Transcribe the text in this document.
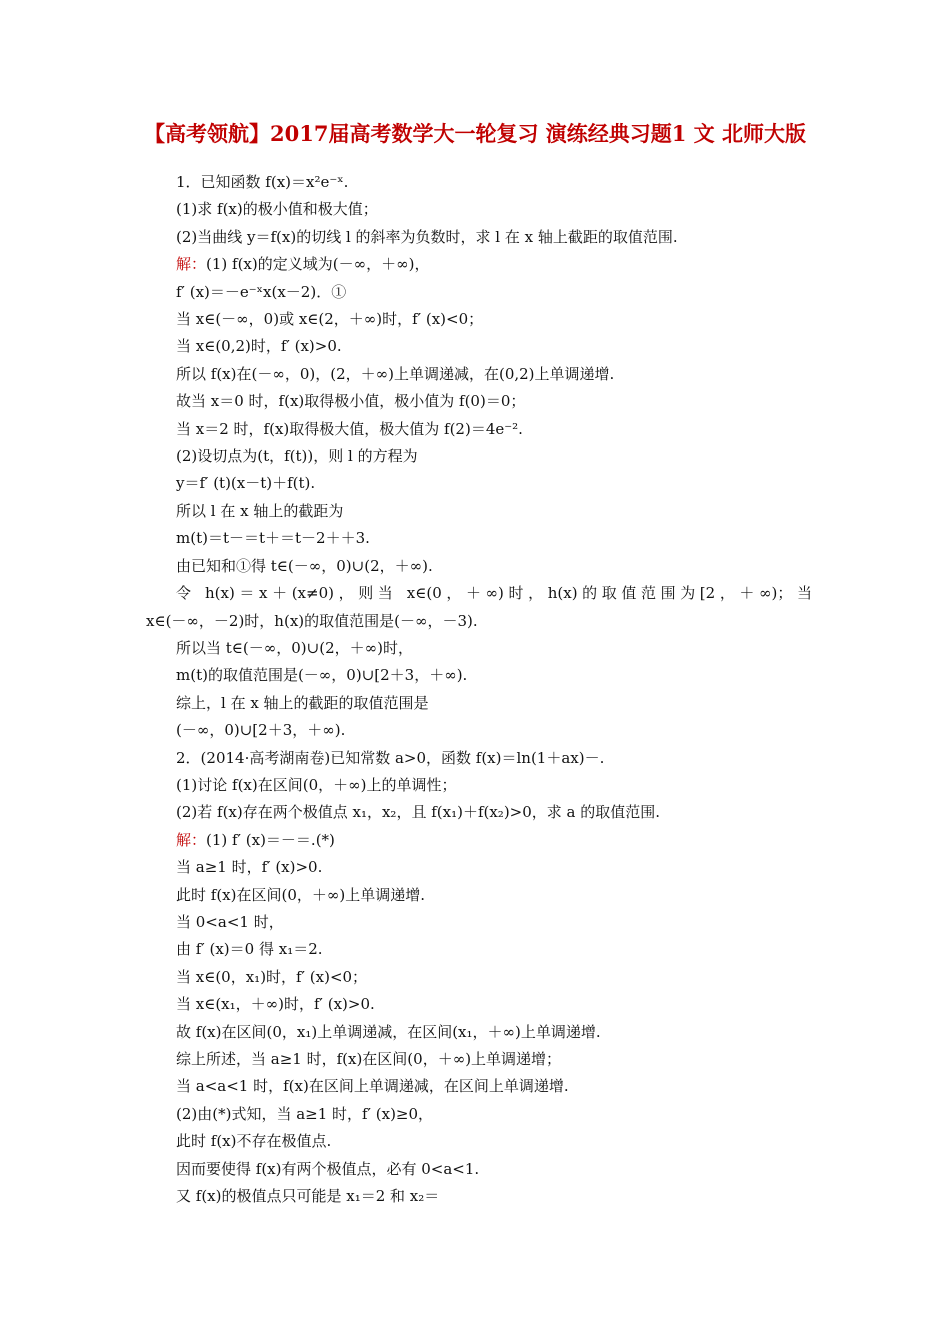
【高考领航】2017届高考数学大一轮复习 演练经典习题1 文 北师大版
1．已知函数 f(x)＝x²e⁻ˣ.
(1)求 f(x)的极小值和极大值；
(2)当曲线 y＝f(x)的切线 l 的斜率为负数时，求 l 在 x 轴上截距的取值范围.
解：(1) f(x)的定义域为(－∞，＋∞)，
f′ (x)＝－e⁻ˣx(x－2)．①
当 x∈(－∞，0)或 x∈(2，＋∞)时，f′ (x)<0；
当 x∈(0,2)时，f′ (x)>0.
所以 f(x)在(－∞，0)，(2，＋∞)上单调递减，在(0,2)上单调递增.
故当 x＝0 时，f(x)取得极小值，极小值为 f(0)＝0；
当 x＝2 时，f(x)取得极大值，极大值为 f(2)＝4e⁻².
(2)设切点为(t，f(t))，则 l 的方程为
y＝f′ (t)(x－t)＋f(t).
所以 l 在 x 轴上的截距为
m(t)＝t－＝t＋＝t－2＋＋3.
由已知和①得 t∈(－∞，0)∪(2，＋∞).
令 h(x)＝x＋(x≠0)，则当 x∈(0，＋∞)时，h(x)的取值范围为[2，＋∞)；当
x∈(－∞，－2)时，h(x)的取值范围是(－∞，－3).
所以当 t∈(－∞，0)∪(2，＋∞)时，
m(t)的取值范围是(－∞，0)∪[2＋3，＋∞).
综上，l 在 x 轴上的截距的取值范围是
(－∞，0)∪[2＋3，＋∞).
2．(2014·高考湖南卷)已知常数 a>0，函数 f(x)＝ln(1＋ax)－.
(1)讨论 f(x)在区间(0，＋∞)上的单调性；
(2)若 f(x)存在两个极值点 x₁，x₂，且 f(x₁)＋f(x₂)>0，求 a 的取值范围.
解：(1) f′ (x)＝－＝.(*)
当 a≥1 时，f′ (x)>0.
此时 f(x)在区间(0，＋∞)上单调递增.
当 0<a<1 时，
由 f′ (x)＝0 得 x₁＝2.
当 x∈(0，x₁)时，f′ (x)<0；
当 x∈(x₁，＋∞)时，f′ (x)>0.
故 f(x)在区间(0，x₁)上单调递减，在区间(x₁，＋∞)上单调递增.
综上所述，当 a≥1 时，f(x)在区间(0，＋∞)上单调递增；
当 a<a<1 时，f(x)在区间上单调递减，在区间上单调递增.
(2)由(*)式知，当 a≥1 时，f′ (x)≥0，
此时 f(x)不存在极值点.
因而要使得 f(x)有两个极值点，必有 0<a<1.
又 f(x)的极值点只可能是 x₁＝2 和 x₂＝
